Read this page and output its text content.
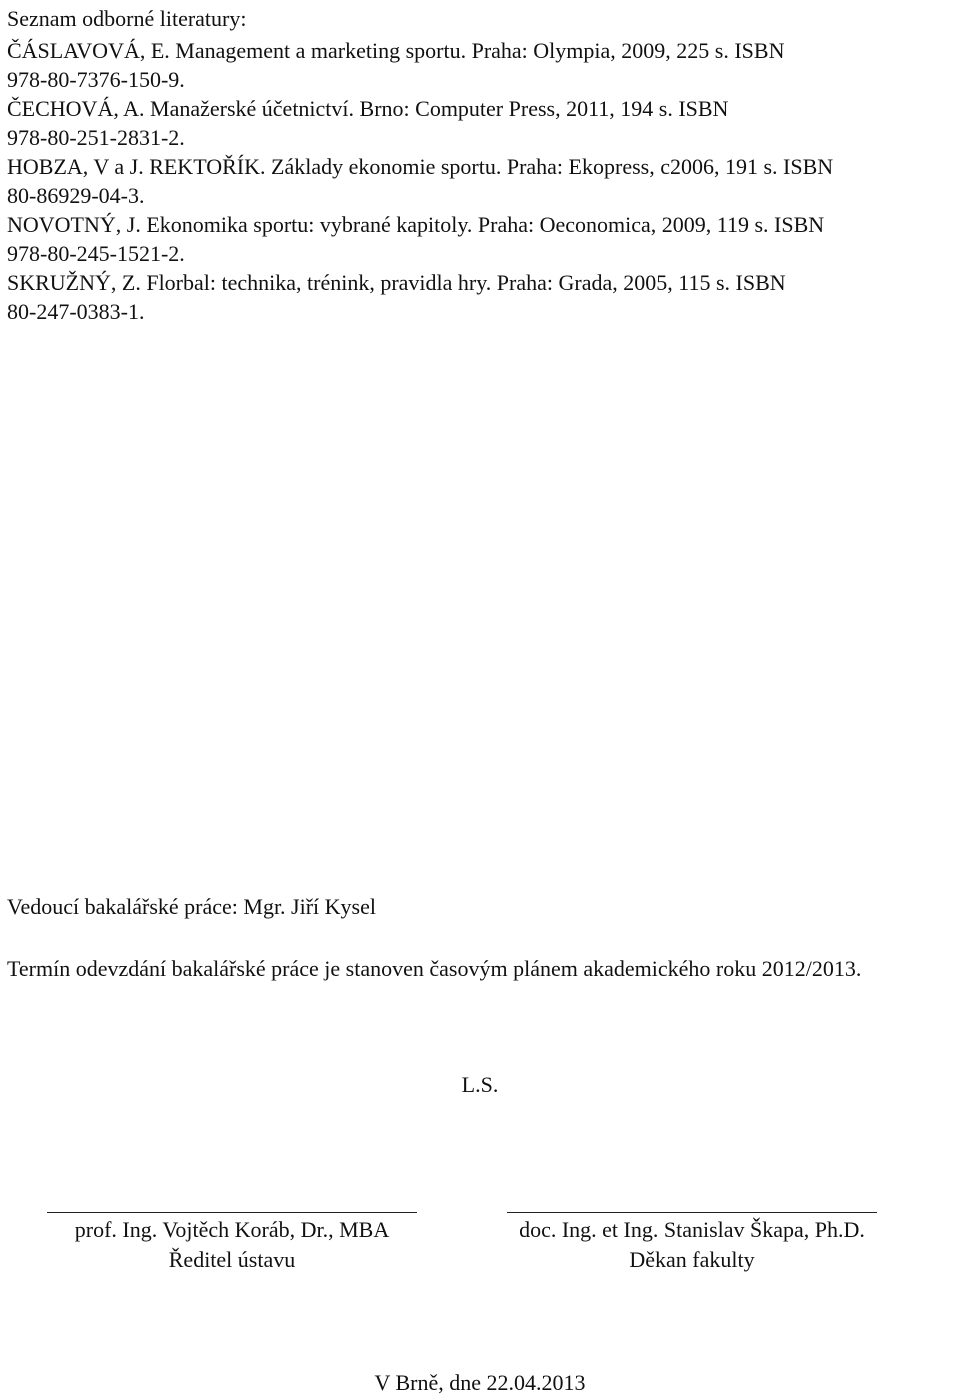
Seznam odborné literatury:
ČÁSLAVOVÁ, E. Management a marketing sportu. Praha: Olympia, 2009, 225 s. ISBN
978-80-7376-150-9.
ČECHOVÁ, A. Manažerské účetnictví. Brno: Computer Press, 2011, 194 s. ISBN
978-80-251-2831-2.
HOBZA, V a J. REKTOŘÍK. Základy ekonomie sportu. Praha: Ekopress, c2006, 191 s. ISBN
80-86929-04-3.
NOVOTNÝ, J. Ekonomika sportu: vybrané kapitoly. Praha: Oeconomica, 2009, 119 s. ISBN
978-80-245-1521-2.
SKRUŽNÝ, Z. Florbal: technika, trénink, pravidla hry. Praha: Grada, 2005, 115 s. ISBN
80-247-0383-1.
Vedoucí bakalářské práce: Mgr. Jiří Kysel
Termín odevzdání bakalářské práce je stanoven časovým plánem akademického roku 2012/2013.
L.S.
prof. Ing. Vojtěch Koráb, Dr., MBA
Ředitel ústavu
doc. Ing. et Ing. Stanislav Škapa, Ph.D.
Děkan fakulty
V Brně, dne 22.04.2013
